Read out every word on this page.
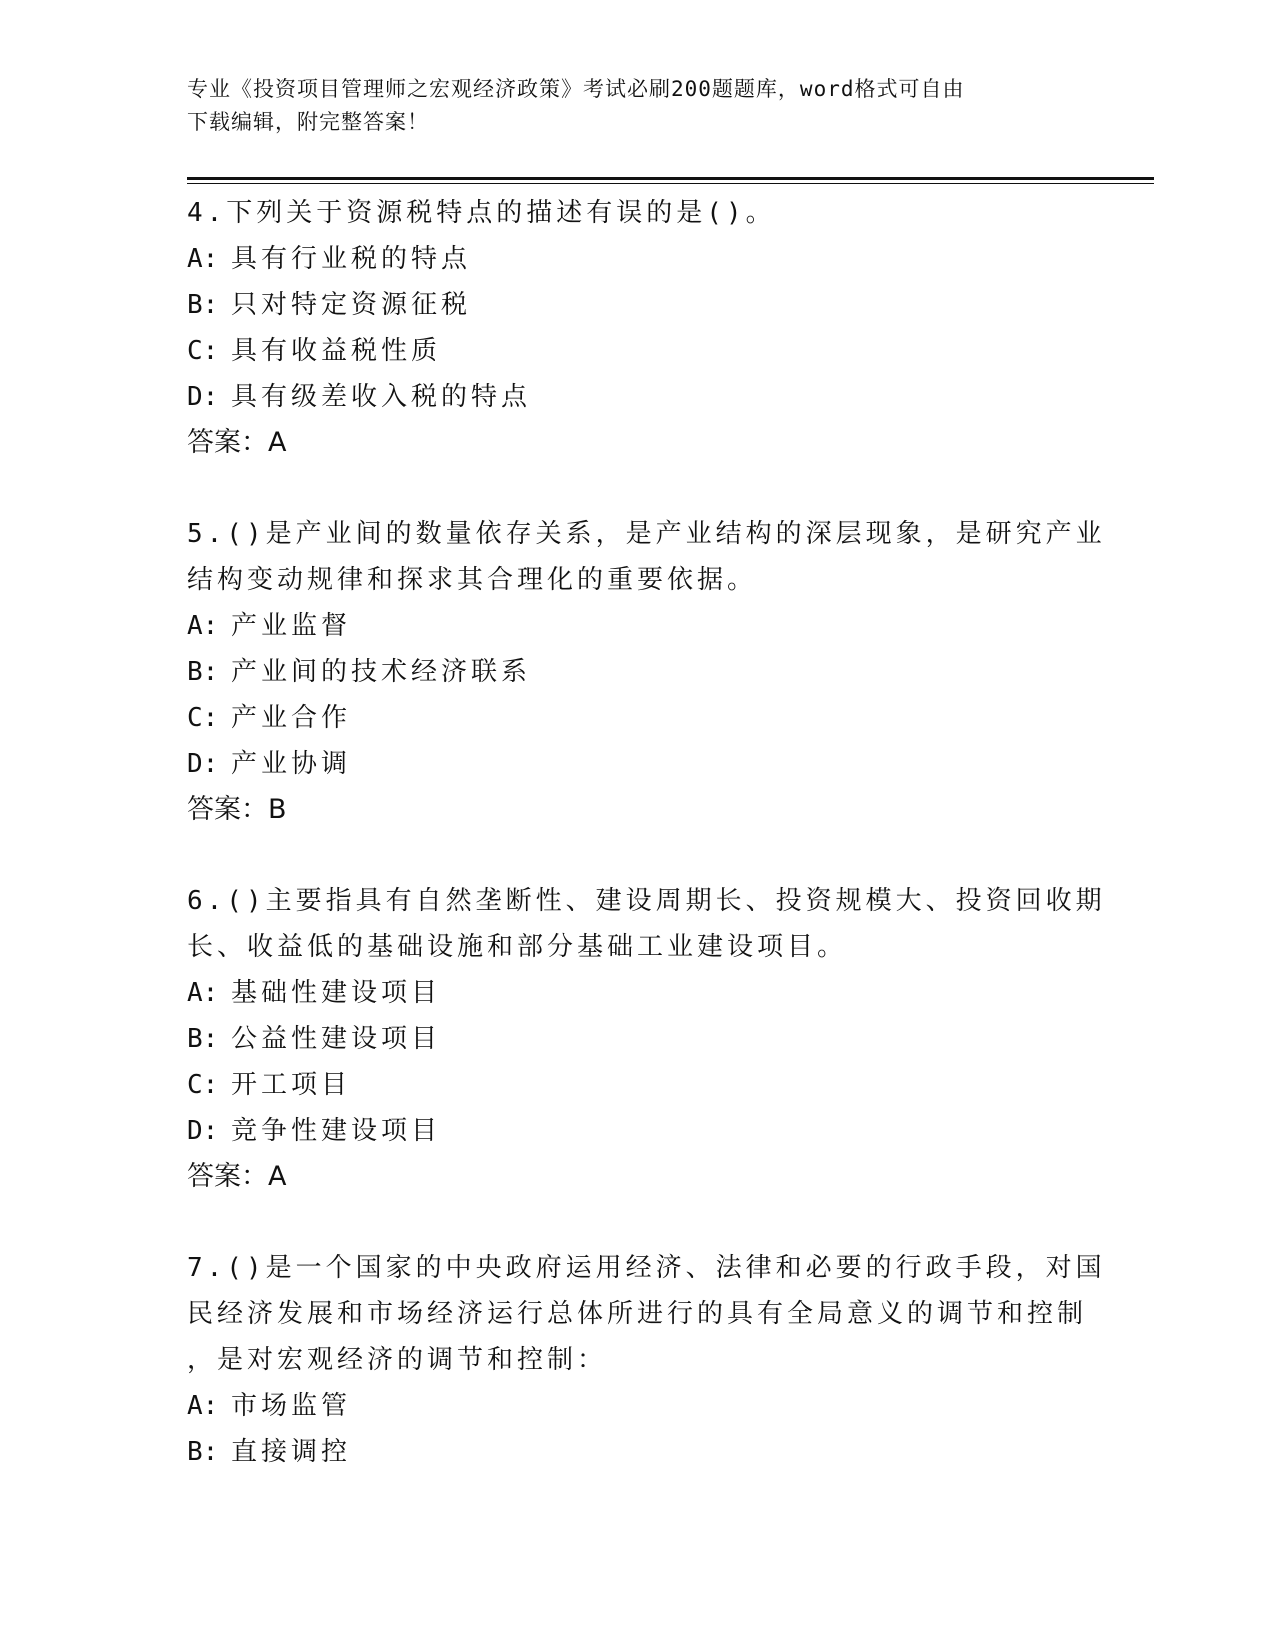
专业《投资项目管理师之宏观经济政策》考试必刷200题题库，word格式可自由
下载编辑，附完整答案！
4.下列关于资源税特点的描述有误的是()。
A: 具有行业税的特点
B: 只对特定资源征税
C: 具有收益税性质
D: 具有级差收入税的特点
答案：A
5.()是产业间的数量依存关系，是产业结构的深层现象，是研究产业
结构变动规律和探求其合理化的重要依据。
A: 产业监督
B: 产业间的技术经济联系
C: 产业合作
D: 产业协调
答案：B
6.()主要指具有自然垄断性、建设周期长、投资规模大、投资回收期
长、收益低的基础设施和部分基础工业建设项目。
A: 基础性建设项目
B: 公益性建设项目
C: 开工项目
D: 竞争性建设项目
答案：A
7.()是一个国家的中央政府运用经济、法律和必要的行政手段，对国
民经济发展和市场经济运行总体所进行的具有全局意义的调节和控制
，是对宏观经济的调节和控制：
A: 市场监管
B: 直接调控
